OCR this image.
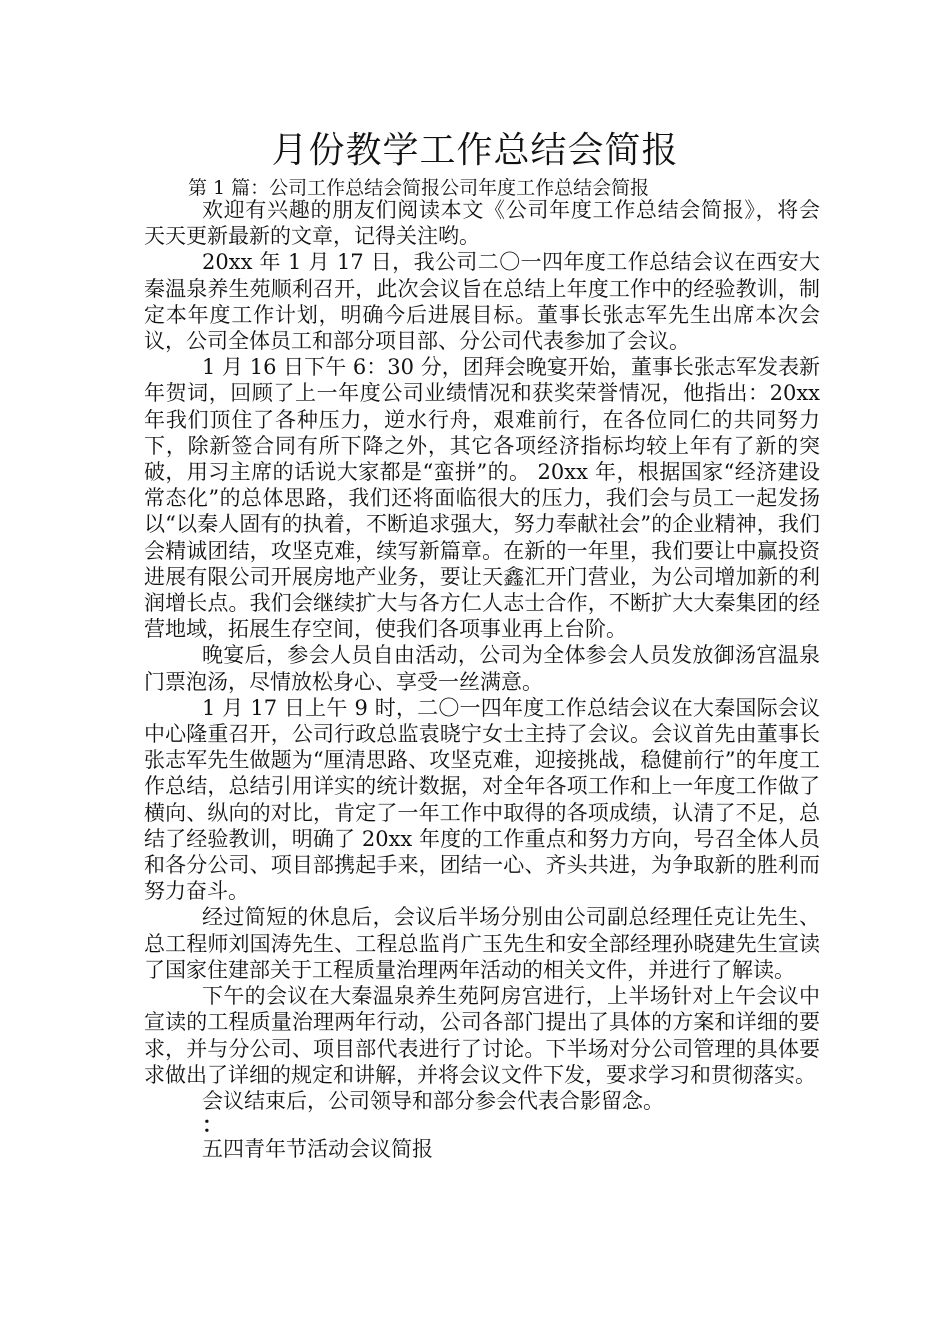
月份教学工作总结会简报
第 1 篇：公司工作总结会简报公司年度工作总结会简报

欢迎有兴趣的朋友们阅读本文《公司年度工作总结会简报》，将会天天更新最新的文章，记得关注哟。

20xx 年 1 月 17 日，我公司二〇一四年度工作总结会议在西安大秦温泉养生苑顺利召开，此次会议旨在总结上年度工作中的经验教训，制定本年度工作计划，明确今后进展目标。董事长张志军先生出席本次会议，公司全体员工和部分项目部、分公司代表参加了会议。

1 月 16 日下午 6：30 分，团拜会晚宴开始，董事长张志军发表新年贺词，回顾了上一年度公司业绩情况和获奖荣誉情况，他指出：20xx 年我们顶住了各种压力，逆水行舟，艰难前行，在各位同仁的共同努力下，除新签合同有所下降之外，其它各项经济指标均较上年有了新的突破，用习主席的话说大家都是“蛮拼”的。 20xx 年，根据国家“经济建设常态化”的总体思路，我们还将面临很大的压力，我们会与员工一起发扬以“以秦人固有的执着，不断追求强大，努力奉献社会”的企业精神，我们会精诚团结，攻坚克难，续写新篇章。在新的一年里，我们要让中赢投资进展有限公司开展房地产业务，要让天鑫汇开门营业，为公司增加新的利润增长点。我们会继续扩大与各方仁人志士合作，不断扩大大秦集团的经营地域，拓展生存空间，使我们各项事业再上台阶。

晚宴后，参会人员自由活动，公司为全体参会人员发放御汤宫温泉门票泡汤，尽情放松身心、享受一丝满意。

1 月 17 日上午 9 时，二〇一四年度工作总结会议在大秦国际会议中心隆重召开，公司行政总监袁晓宁女士主持了会议。会议首先由董事长张志军先生做题为“厘清思路、攻坚克难，迎接挑战，稳健前行”的年度工作总结，总结引用详实的统计数据，对全年各项工作和上一年度工作做了横向、纵向的对比，肯定了一年工作中取得的各项成绩，认清了不足，总结了经验教训，明确了 20xx 年度的工作重点和努力方向，号召全体人员和各分公司、项目部携起手来，团结一心、齐头共进，为争取新的胜利而努力奋斗。

经过简短的休息后，会议后半场分别由公司副总经理任克让先生、总工程师刘国涛先生、工程总监肖广玉先生和安全部经理孙晓建先生宣读了国家住建部关于工程质量治理两年活动的相关文件，并进行了解读。

下午的会议在大秦温泉养生苑阿房宫进行，上半场针对上午会议中宣读的工程质量治理两年行动，公司各部门提出了具体的方案和详细的要求，并与分公司、项目部代表进行了讨论。下半场对分公司管理的具体要求做出了详细的规定和讲解，并将会议文件下发，要求学习和贯彻落实。

会议结束后，公司领导和部分参会代表合影留念。

：
五四青年节活动会议简报
